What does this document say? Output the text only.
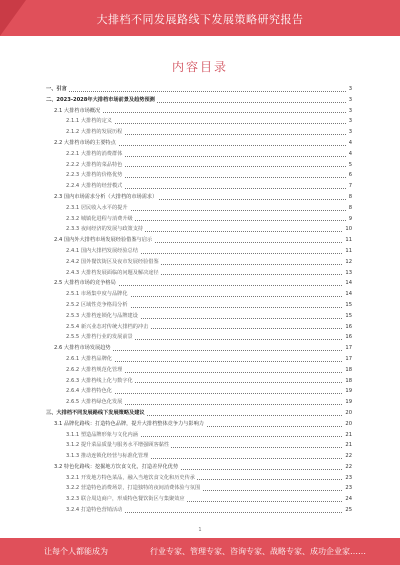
大排档不同发展路线下发展策略研究报告
内容目录
一、引言	3
二、2023-2028年大排档市场前景及趋势预测	3
2.1 大排档市场概况	3
2.1.1 大排档的定义	3
2.1.2 大排档的发展历程	3
2.2 大排档市场的主要特点	4
2.2.1 大排档的消费群体	4
2.2.2 大排档的菜品特色	5
2.2.3 大排档的价格优势	6
2.2.4 大排档的经营模式	7
2.3 国内市场需求分析（大排档的市场需求）	8
2.3.1 居民收入水平的提升	8
2.3.2 城镇化进程与消费升级	9
2.3.3 夜间经济的发展与政策支持	10
2.4 国内外大排档市场发展经验借鉴与启示	11
2.4.1 国内大排档发展经验总结	11
2.4.2 国外餐饮街区及夜市发展经验借鉴	12
2.4.3 大排档发展面临的问题及解决途径	13
2.5 大排档市场的竞争格局	14
2.5.1 市场集中度与品牌化	14
2.5.2 区域性竞争格局分析	15
2.5.3 大排档连锁化与品牌建设	15
2.5.4 新兴业态对传统大排档的冲击	16
2.5.5 大排档行业的发展前景	16
2.6 大排档市场发展趋势	17
2.6.1 大排档品牌化	17
2.6.2 大排档规范化管理	18
2.6.3 大排档线上化与数字化	18
2.6.4 大排档特色化	19
2.6.5 大排档绿色化发展	19
三、大排档不同发展路线下发展策略及建议	20
3.1 品牌化路线：打造特色品牌，提升大排档整体竞争力与影响力	20
3.1.1 塑造品牌形象与文化内涵	21
3.1.2 提升菜品质量与服务水平增强顾客黏性	21
3.1.3 推动连锁化经营与标准化管理	22
3.2 特色化路线：挖掘地方饮食文化，打造差异化优势	22
3.2.1 开发地方特色菜品，融入当地饮食文化和历史传承	23
3.2.2 营造特色消费场景，打造独特的夜间消费体验与氛围	23
3.2.3 联合周边商户，形成特色餐饮街区与集聚效应	24
3.2.4 打造特色营销活动	25
1
让每个人都能成为	行业专家、管理专家、咨询专家、战略专家、成功企业家……
